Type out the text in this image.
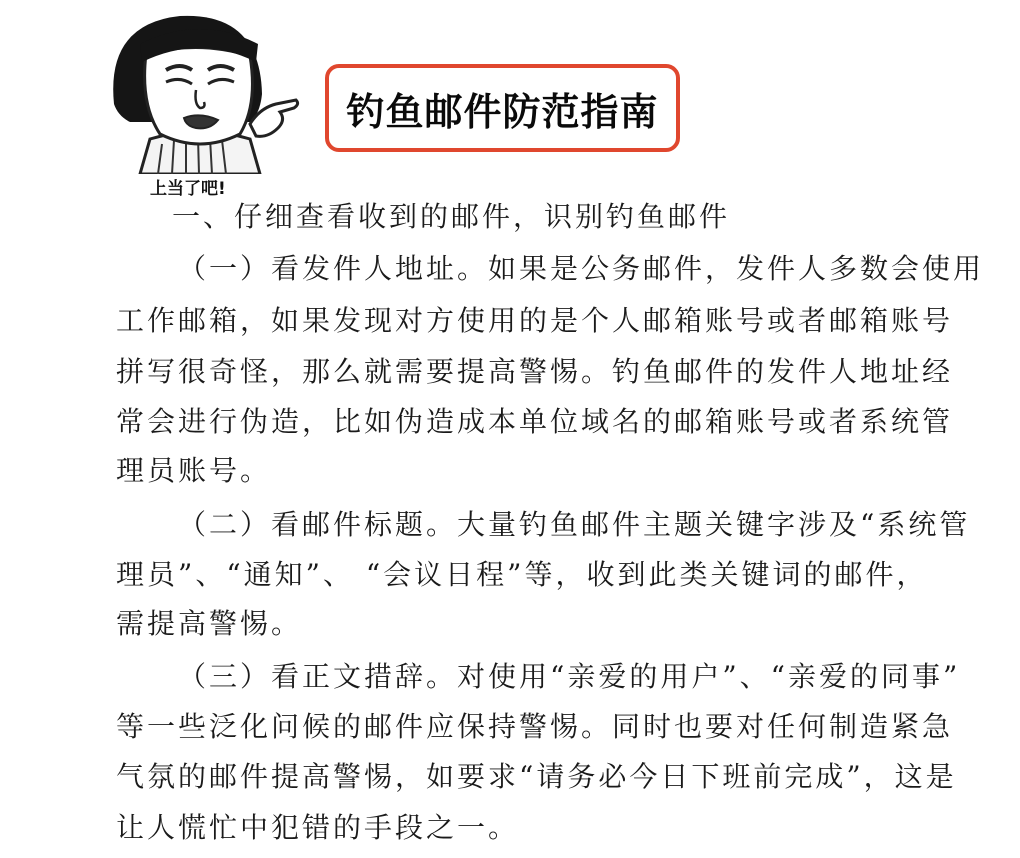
上当了吧!
钓鱼邮件防范指南
一、仔细查看收到的邮件，识别钓鱼邮件
（一）看发件人地址。如果是公务邮件，发件人多数会使用
工作邮箱，如果发现对方使用的是个人邮箱账号或者邮箱账号
拼写很奇怪，那么就需要提高警惕。钓鱼邮件的发件人地址经
常会进行伪造，比如伪造成本单位域名的邮箱账号或者系统管
理员账号。
（二）看邮件标题。大量钓鱼邮件主题关键字涉及“系统管
理员”、“通知”、 “会议日程”等，收到此类关键词的邮件，
需提高警惕。
（三）看正文措辞。对使用“亲爱的用户”、“亲爱的同事”
等一些泛化问候的邮件应保持警惕。同时也要对任何制造紧急
气氛的邮件提高警惕，如要求“请务必今日下班前完成”，这是
让人慌忙中犯错的手段之一。
